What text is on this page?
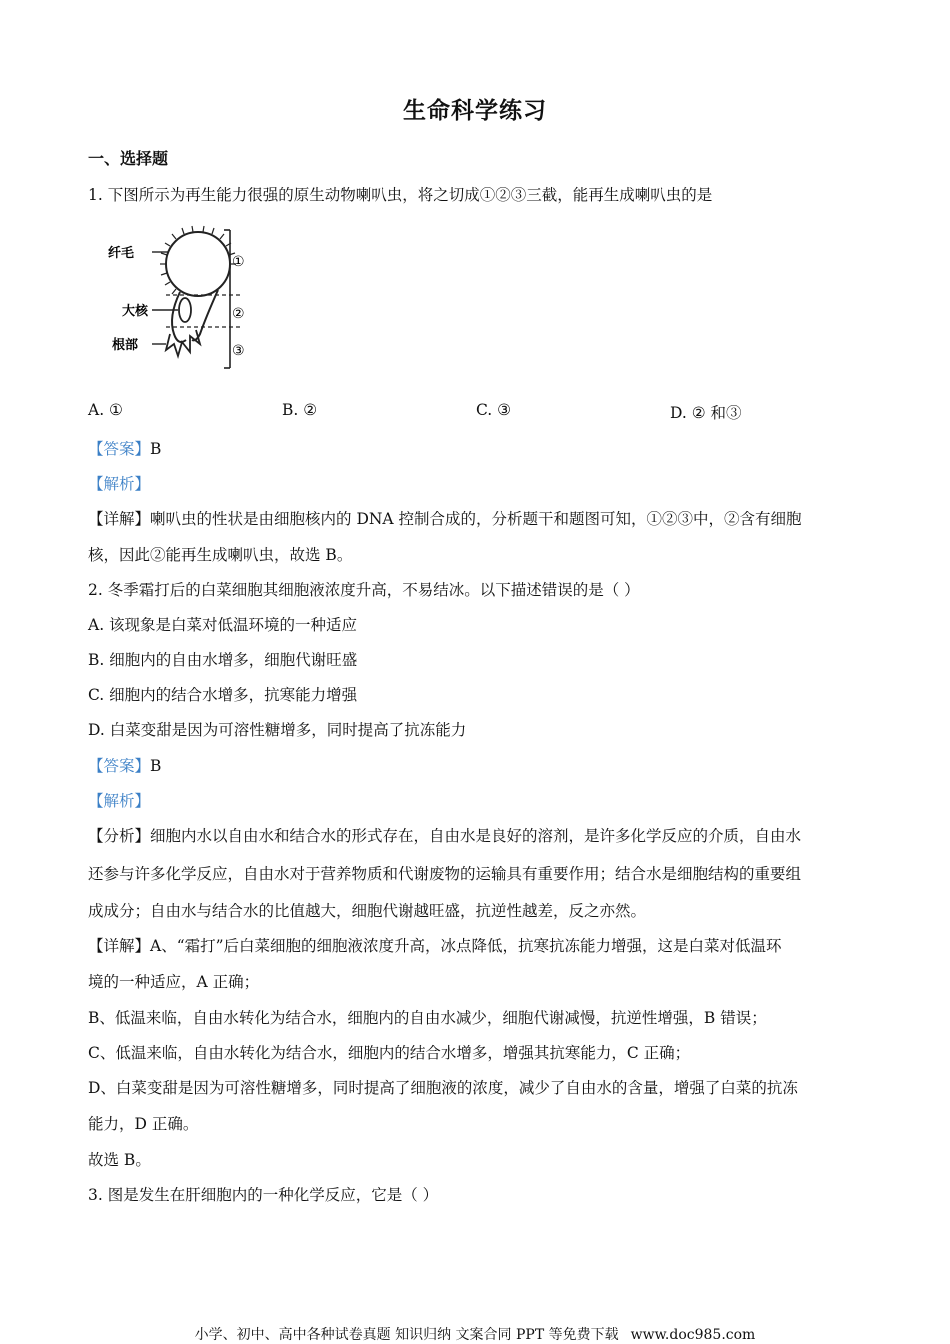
生命科学练习
一、选择题
1. 下图所示为再生能力很强的原生动物喇叭虫，将之切成①②③三截，能再生成喇叭虫的是
纤毛
大核
根部
①
②
③
A. ①	B. ②	C. ③	D. ② 和③
【答案】B
【解析】
【详解】喇叭虫的性状是由细胞核内的 DNA 控制合成的，分析题干和题图可知，①②③中，②含有细胞
核，因此②能再生成喇叭虫，故选 B。
2. 冬季霜打后的白菜细胞其细胞液浓度升高，不易结冰。以下描述错误的是（ ）
A. 该现象是白菜对低温环境的一种适应
B. 细胞内的自由水增多，细胞代谢旺盛
C. 细胞内的结合水增多，抗寒能力增强
D. 白菜变甜是因为可溶性糖增多，同时提高了抗冻能力
【答案】B
【解析】
【分析】细胞内水以自由水和结合水的形式存在，自由水是良好的溶剂，是许多化学反应的介质，自由水
还参与许多化学反应，自由水对于营养物质和代谢废物的运输具有重要作用；结合水是细胞结构的重要组
成成分；自由水与结合水的比值越大，细胞代谢越旺盛，抗逆性越差，反之亦然。
【详解】A、“霜打”后白菜细胞的细胞液浓度升高，冰点降低，抗寒抗冻能力增强，这是白菜对低温环
境的一种适应，A 正确；
B、低温来临，自由水转化为结合水，细胞内的自由水减少，细胞代谢减慢，抗逆性增强，B 错误；
C、低温来临，自由水转化为结合水，细胞内的结合水增多，增强其抗寒能力，C 正确；
D、白菜变甜是因为可溶性糖增多，同时提高了细胞液的浓度，减少了自由水的含量，增强了白菜的抗冻
能力，D 正确。
故选 B。
3. 图是发生在肝细胞内的一种化学反应，它是（ ）
小学、初中、高中各种试卷真题 知识归纳 文案合同 PPT 等免费下载 www.doc985.com
